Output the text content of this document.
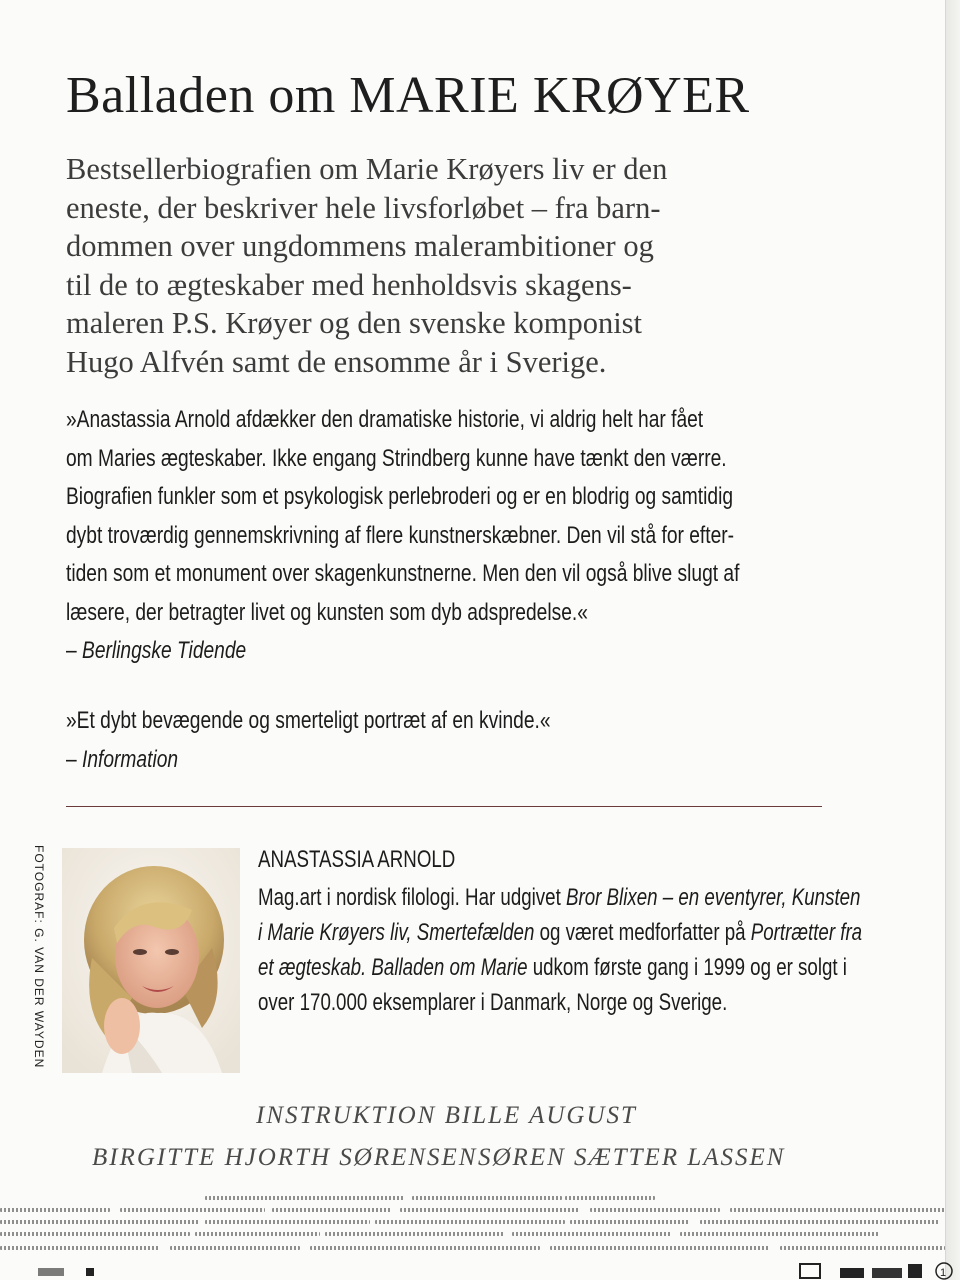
Balladen om MARIE KRØYER
Bestsellerbiografien om Marie Krøyers liv er den
eneste, der beskriver hele livsforløbet – fra barn-
dommen over ungdommens malerambitioner og
til de to ægteskaber med henholdsvis skagens-
maleren P.S. Krøyer og den svenske komponist
Hugo Alfvén samt de ensomme år i Sverige.
»Anastassia Arnold afdækker den dramatiske historie, vi aldrig helt har fået
om Maries ægteskaber. Ikke engang Strindberg kunne have tænkt den værre.
Biografien funkler som et psykologisk perlebroderi og er en blodrig og samtidig
dybt troværdig gennemskrivning af flere kunstnerskæbner. Den vil stå for efter-
tiden som et monument over skagenkunstnerne. Men den vil også blive slugt af
læsere, der betragter livet og kunsten som dyb adspredelse.«
– Berlingske Tidende
»Et dybt bevægende og smerteligt portræt af en kvinde.«
– Information
FOTOGRAF: G. VAN DER WAYDEN	ANASTASSIA ARNOLD
Mag.art i nordisk filologi. Har udgivet Bror Blixen – en eventyrer, Kunsten
i Marie Krøyers liv, Smertefælden og været medforfatter på Portrætter fra
et ægteskab. Balladen om Marie udkom første gang i 1999 og er solgt i
over 170.000 eksemplarer i Danmark, Norge og Sverige.
INSTRUKTION BILLE AUGUST
BIRGITTE HJORTH SØRENSEN SØREN SÆTTER LASSEN
1
